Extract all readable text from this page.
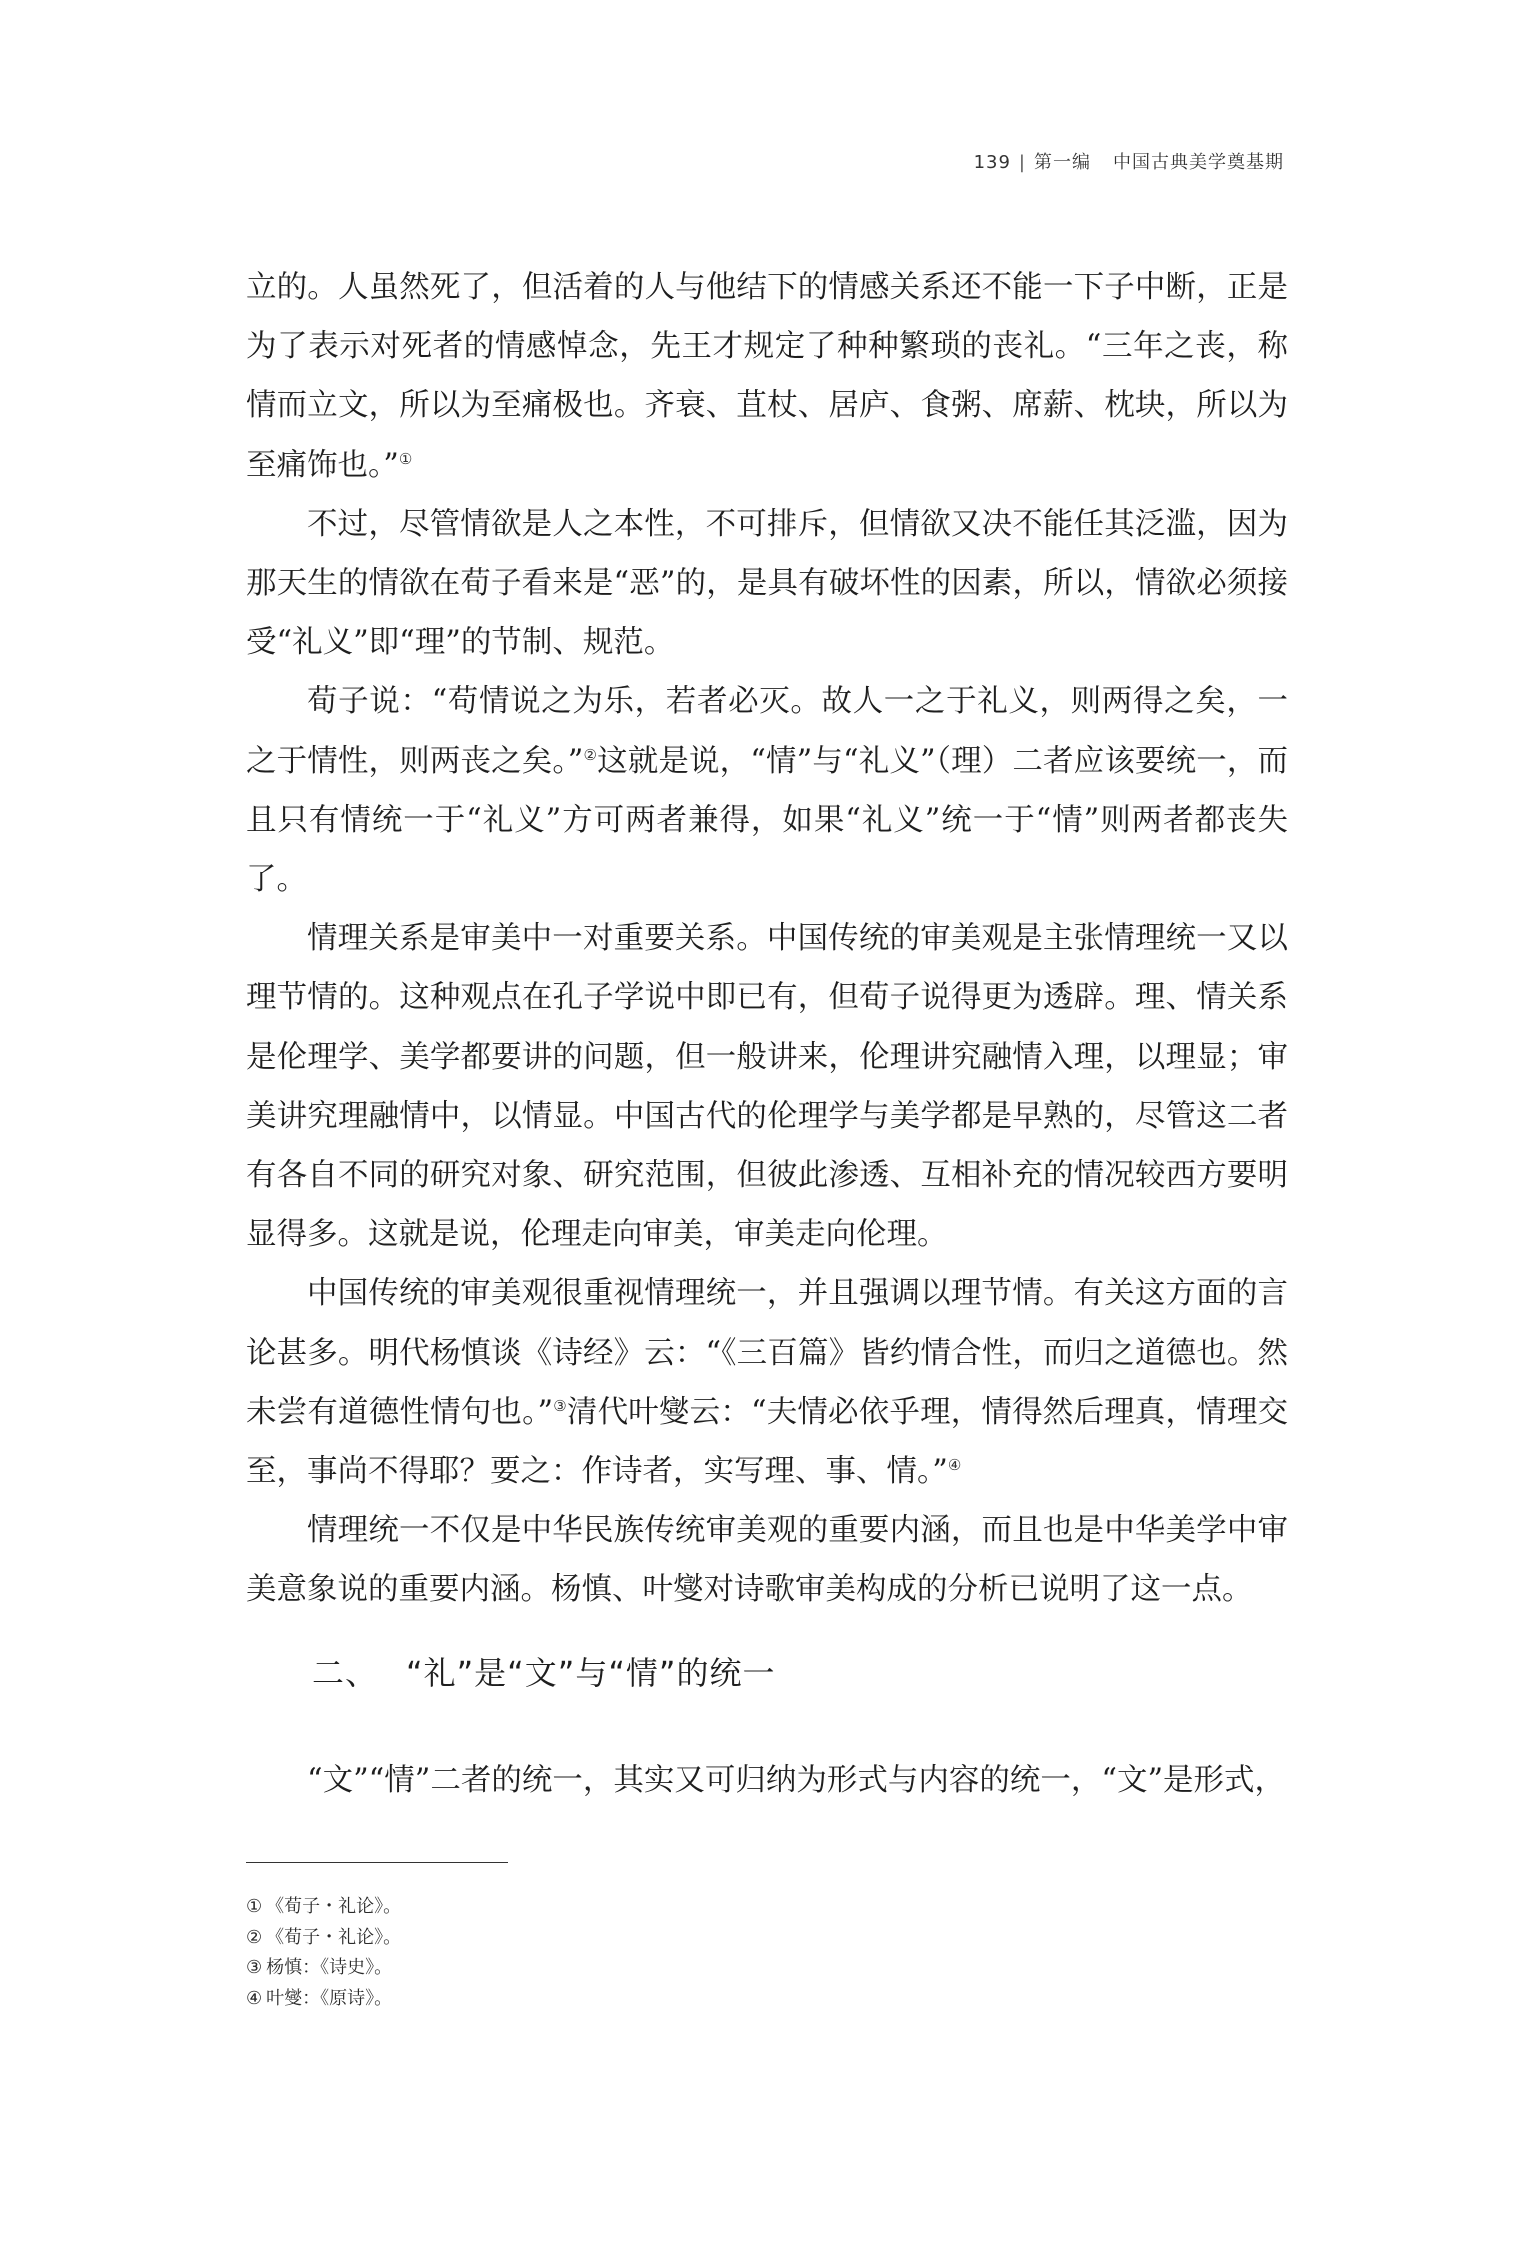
139 | 第一编 中国古典美学奠基期

立的。人虽然死了，但活着的人与他结下的情感关系还不能一下子中断，正是为了表示对死者的情感悼念，先王才规定了种种繁琐的丧礼。“三年之丧，称情而立文，所以为至痛极也。齐衰、苴杖、居庐、食粥、席薪、枕块，所以为至痛饰也。”①

不过，尽管情欲是人之本性，不可排斥，但情欲又决不能任其泛滥，因为那天生的情欲在荀子看来是“恶”的，是具有破坏性的因素，所以，情欲必须接受“礼义”即“理”的节制、规范。

荀子说：“苟情说之为乐，若者必灭。故人一之于礼义，则两得之矣，一之于情性，则两丧之矣。”②这就是说，“情”与“礼义”（理）二者应该要统一，而且只有情统一于“礼义”方可两者兼得，如果“礼义”统一于“情”则两者都丧失了。

情理关系是审美中一对重要关系。中国传统的审美观是主张情理统一又以理节情的。这种观点在孔子学说中即已有，但荀子说得更为透辟。理、情关系是伦理学、美学都要讲的问题，但一般讲来，伦理讲究融情入理，以理显；审美讲究理融情中，以情显。中国古代的伦理学与美学都是早熟的，尽管这二者有各自不同的研究对象、研究范围，但彼此渗透、互相补充的情况较西方要明显得多。这就是说，伦理走向审美，审美走向伦理。

中国传统的审美观很重视情理统一，并且强调以理节情。有关这方面的言论甚多。明代杨慎谈《诗经》云：“《三百篇》皆约情合性，而归之道德也。然未尝有道德性情句也。”③清代叶燮云：“夫情必依乎理，情得然后理真，情理交至，事尚不得耶？要之：作诗者，实写理、事、情。”④

情理统一不仅是中华民族传统审美观的重要内涵，而且也是中华美学中审美意象说的重要内涵。杨慎、叶燮对诗歌审美构成的分析已说明了这一点。

二、 “礼”是“文”与“情”的统一

“文”“情”二者的统一，其实又可归纳为形式与内容的统一，“文”是形式，

① 《荀子・礼论》。
② 《荀子・礼论》。
③ 杨慎：《诗史》。
④ 叶燮：《原诗》。
